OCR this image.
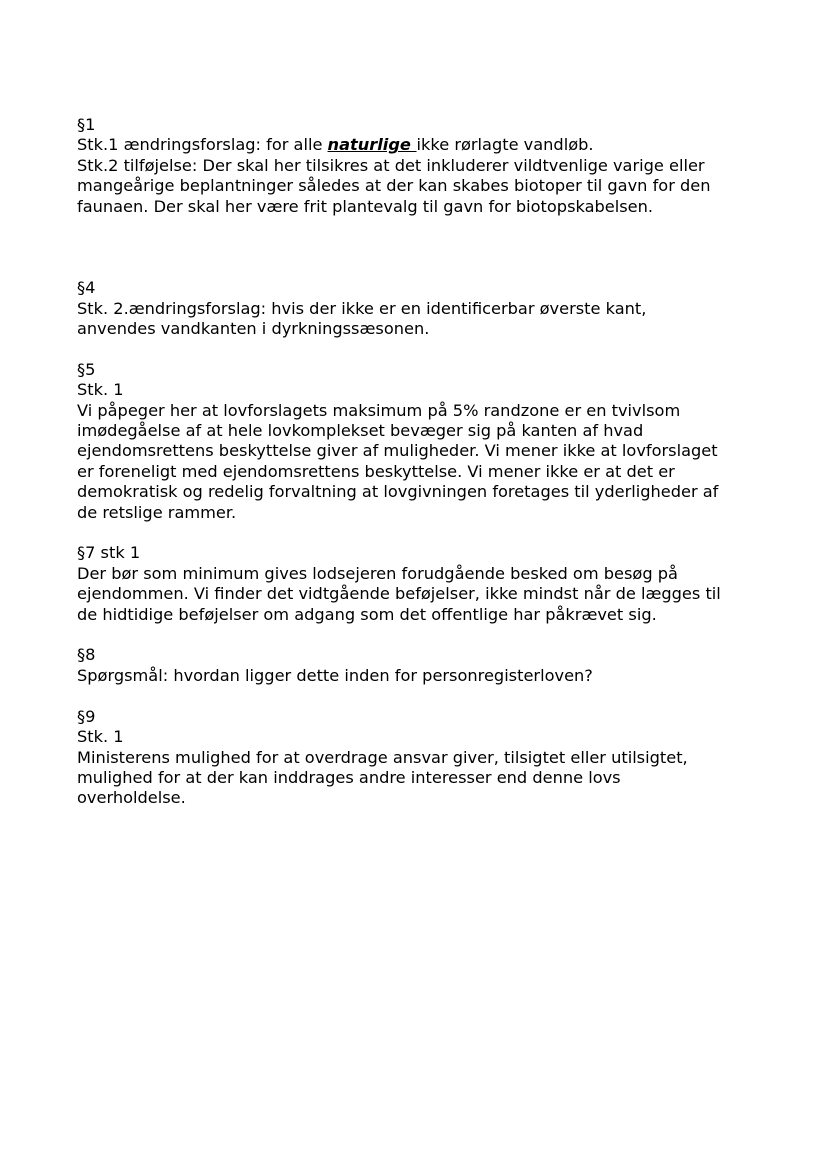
§1
Stk.1 ændringsforslag: for alle naturlige ikke rørlagte vandløb.
Stk.2 tilføjelse: Der skal her tilsikres at det inkluderer vildtvenlige varige eller
mangeårige beplantninger således at der kan skabes biotoper til gavn for den
faunaen. Der skal her være frit plantevalg til gavn for biotopskabelsen.
§4
Stk. 2.ændringsforslag: hvis der ikke er en identificerbar øverste kant,
anvendes vandkanten i dyrkningssæsonen.
§5
Stk. 1
Vi påpeger her at lovforslagets maksimum på 5% randzone er en tvivlsom
imødegåelse af at hele lovkomplekset bevæger sig på kanten af hvad
ejendomsrettens beskyttelse giver af muligheder. Vi mener ikke at lovforslaget
er foreneligt med ejendomsrettens beskyttelse. Vi mener ikke er at det er
demokratisk og redelig forvaltning at lovgivningen foretages til yderligheder af
de retslige rammer.
§7 stk 1
Der bør som minimum gives lodsejeren forudgående besked om besøg på
ejendommen. Vi finder det vidtgående beføjelser, ikke mindst når de lægges til
de hidtidige beføjelser om adgang som det offentlige har påkrævet sig.
§8
Spørgsmål: hvordan ligger dette inden for personregisterloven?
§9
Stk. 1
Ministerens mulighed for at overdrage ansvar giver, tilsigtet eller utilsigtet,
mulighed for at der kan inddrages andre interesser end denne lovs
overholdelse.
